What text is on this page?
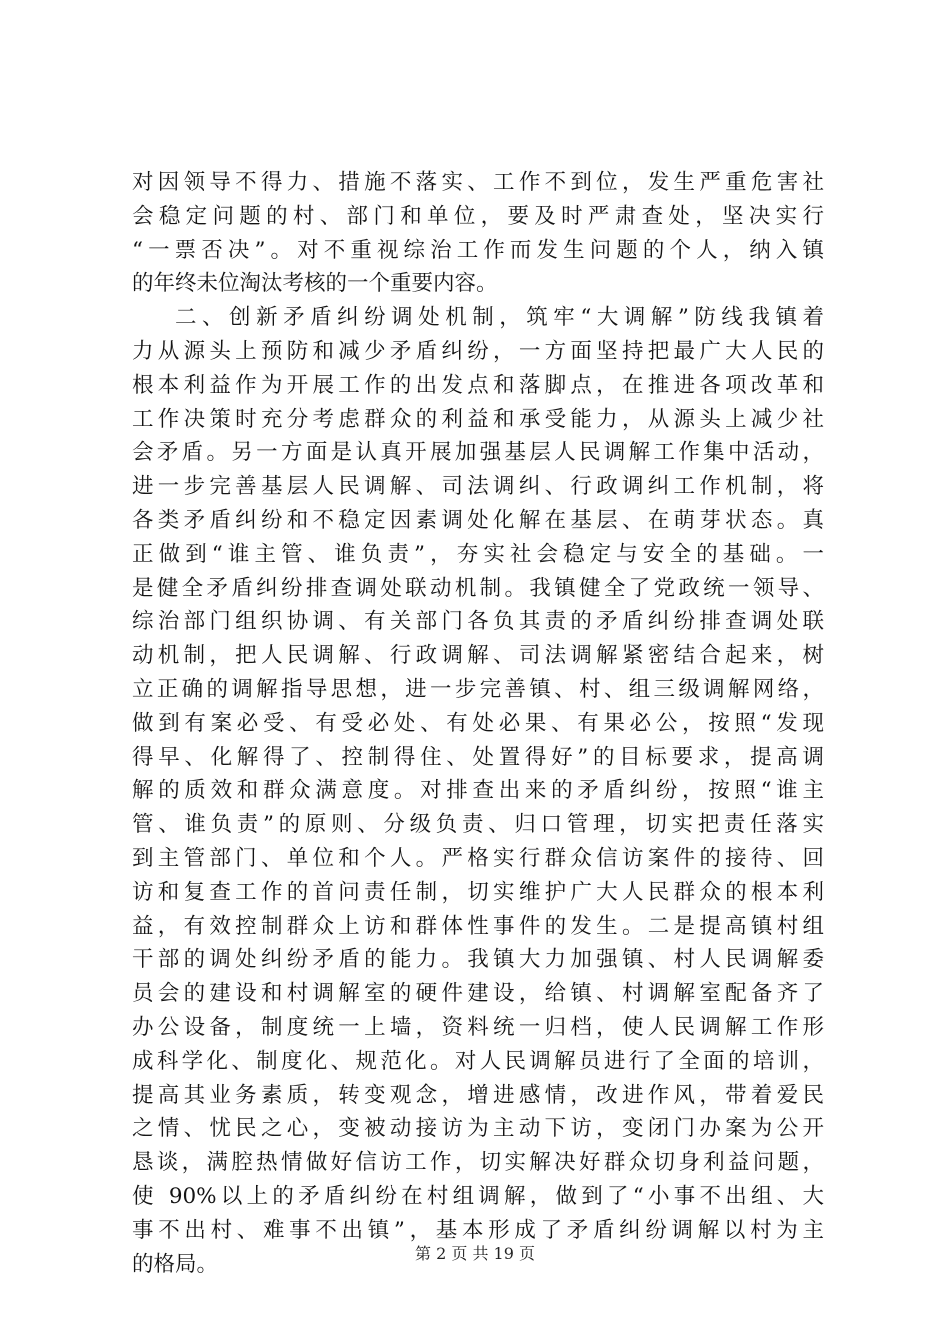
对因领导不得力、措施不落实、工作不到位，发生严重危害社
会稳定问题的村、部门和单位，要及时严肃查处，坚决实行
“一票否决”。对不重视综治工作而发生问题的个人，纳入镇
的年终未位淘汰考核的一个重要内容。
二、创新矛盾纠纷调处机制，筑牢“大调解”防线我镇着
力从源头上预防和减少矛盾纠纷，一方面坚持把最广大人民的
根本利益作为开展工作的出发点和落脚点，在推进各项改革和
工作决策时充分考虑群众的利益和承受能力，从源头上减少社
会矛盾。另一方面是认真开展加强基层人民调解工作集中活动，
进一步完善基层人民调解、司法调纠、行政调纠工作机制，将
各类矛盾纠纷和不稳定因素调处化解在基层、在萌芽状态。真
正做到“谁主管、谁负责”，夯实社会稳定与安全的基础。一
是健全矛盾纠纷排查调处联动机制。我镇健全了党政统一领导、
综治部门组织协调、有关部门各负其责的矛盾纠纷排查调处联
动机制，把人民调解、行政调解、司法调解紧密结合起来，树
立正确的调解指导思想，进一步完善镇、村、组三级调解网络，
做到有案必受、有受必处、有处必果、有果必公，按照“发现
得早、化解得了、控制得住、处置得好”的目标要求，提高调
解的质效和群众满意度。对排查出来的矛盾纠纷，按照“谁主
管、谁负责”的原则、分级负责、归口管理，切实把责任落实
到主管部门、单位和个人。严格实行群众信访案件的接待、回
访和复查工作的首问责任制，切实维护广大人民群众的根本利
益，有效控制群众上访和群体性事件的发生。二是提高镇村组
干部的调处纠纷矛盾的能力。我镇大力加强镇、村人民调解委
员会的建设和村调解室的硬件建设，给镇、村调解室配备齐了
办公设备，制度统一上墙，资料统一归档，使人民调解工作形
成科学化、制度化、规范化。对人民调解员进行了全面的培训，
提高其业务素质，转变观念，增进感情，改进作风，带着爱民
之情、忧民之心，变被动接访为主动下访，变闭门办案为公开
恳谈，满腔热情做好信访工作，切实解决好群众切身利益问题，
使 90%以上的矛盾纠纷在村组调解，做到了“小事不出组、大
事不出村、难事不出镇”，基本形成了矛盾纠纷调解以村为主
的格局。	第 2 页 共 19 页
